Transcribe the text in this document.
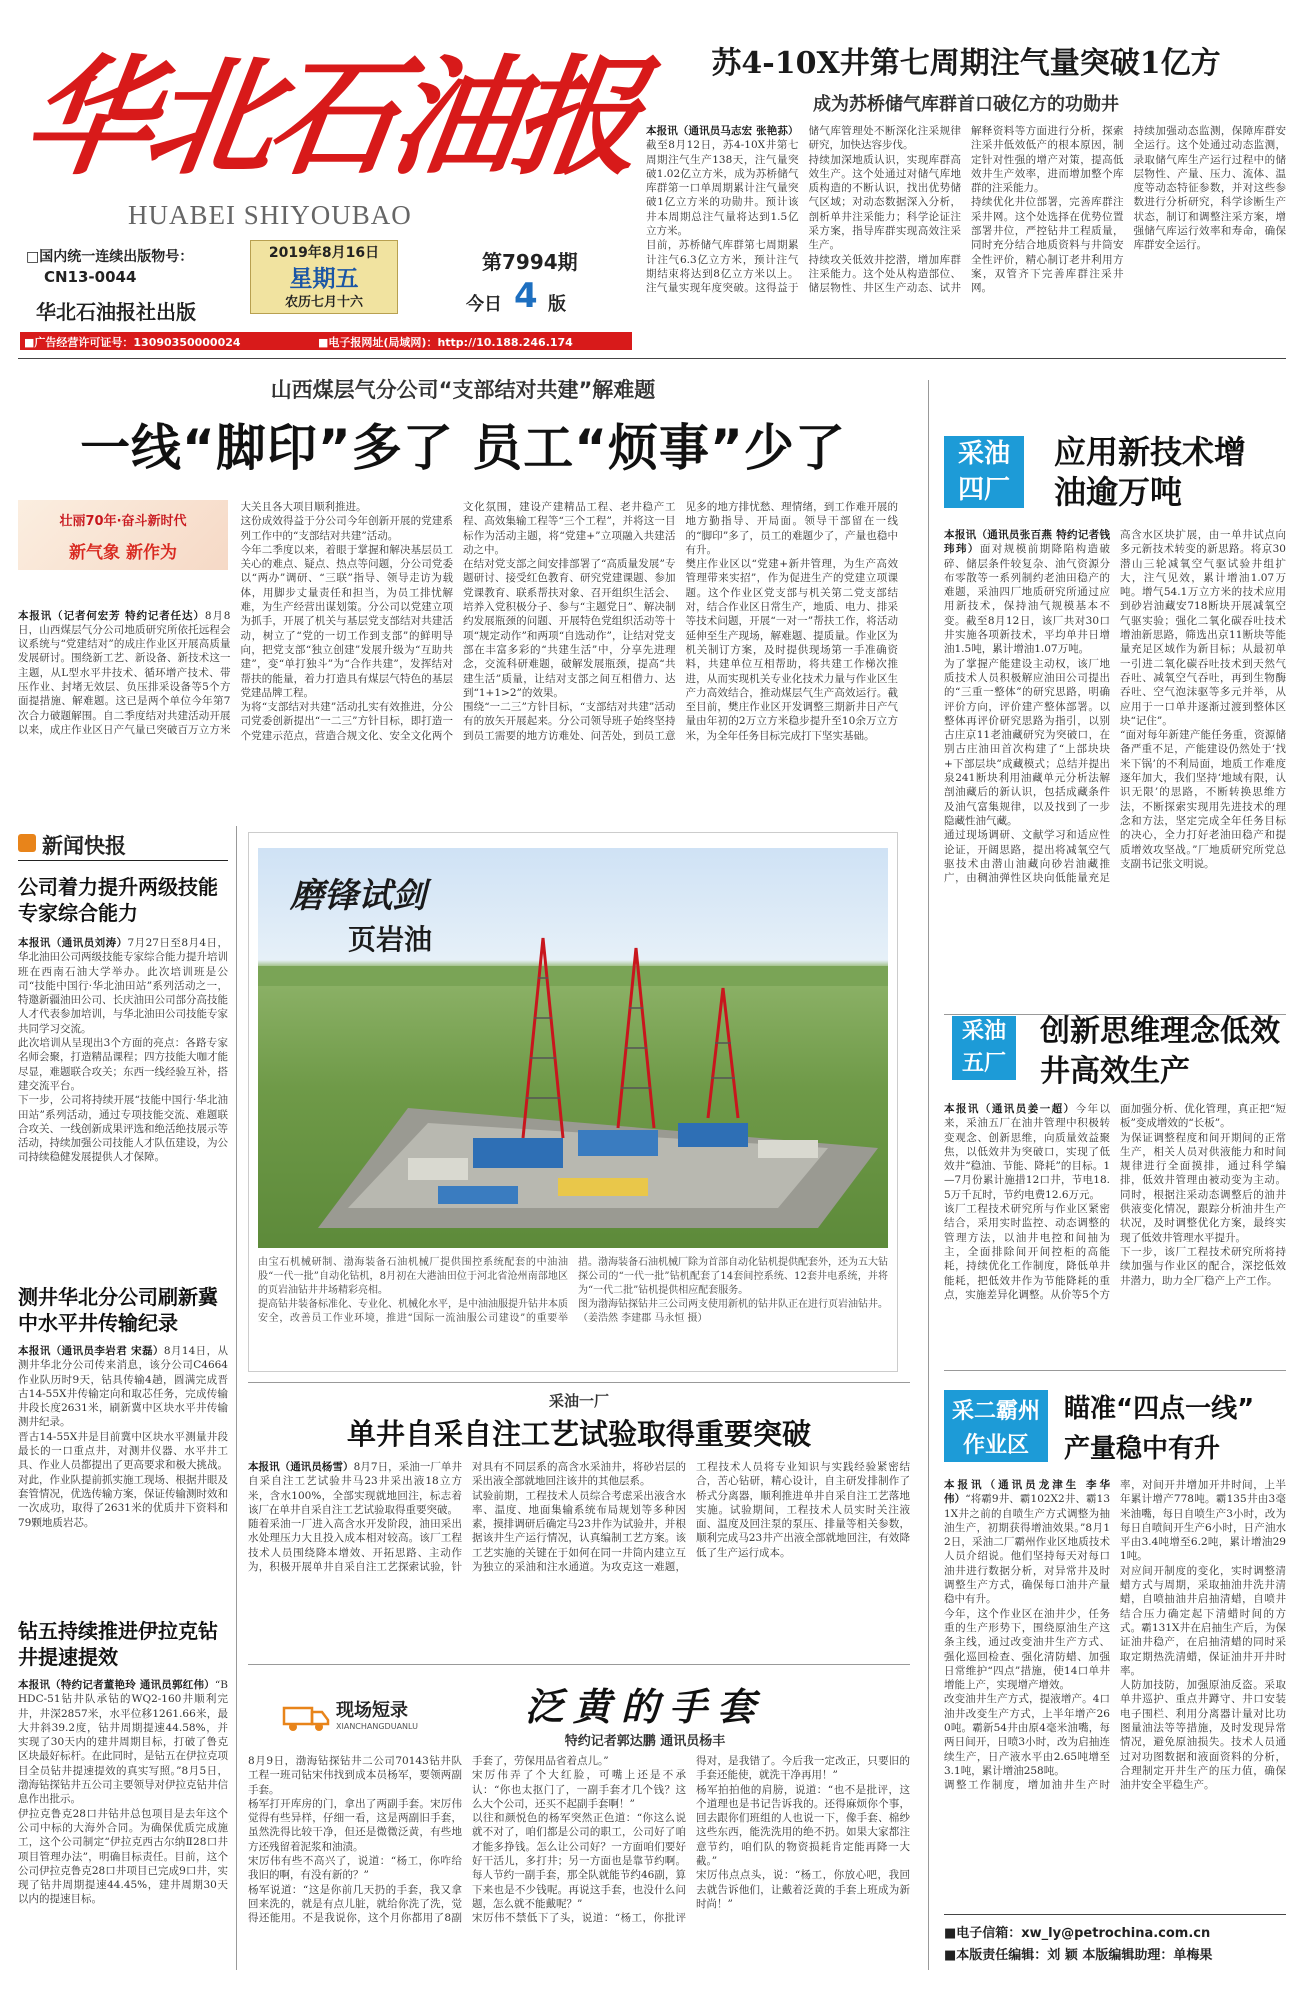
华北石油报
HUABEI SHIYOUBAO
□国内统一连续出版物号：
CN13-0044
华北石油报社出版
2019年8月16日
星期五
农历七月十六
第7994期
今日 4 版
■广告经营许可证号：13090350000024	■电子报网址(局域网)：http://10.188.246.174
苏4-10X井第七周期注气量突破1亿方
成为苏桥储气库群首口破亿方的功勋井
本报讯（通讯员马志宏 张艳荪）截至8月12日，苏4-10X井第七周期注气生产138天，注气量突破1.02亿立方米，成为苏桥储气库群第一口单周期累计注气量突破1亿立方米的功勋井。预计该井本周期总注气量将达到1.5亿立方米。
目前，苏桥储气库群第七周期累计注气6.3亿立方米，预计注气期结束将达到8亿立方米以上。注气量实现年度突破。这得益于储气库管理处不断深化注采规律研究，加快达容步伐。
持续加深地质认识，实现库群高效生产。这个处通过对储气库地质构造的不断认识，找出优势储气区域；对动态数据深入分析，剖析单井注采能力；科学论证注采方案，指导库群实现高效注采生产。
持续攻关低效井挖潜，增加库群注采能力。这个处从构造部位、储层物性、井区生产动态、试井解释资料等方面进行分析，探索注采井低效低产的根本原因，制定针对性强的增产对策，提高低效井生产效率，进而增加整个库群的注采能力。
持续优化井位部署，完善库群注采井网。这个处选择在优势位置部署井位，严控钻井工程质量，同时充分结合地质资料与井筒安全性评价，精心制订老井利用方案，双管齐下完善库群注采井网。
持续加强动态监测，保障库群安全运行。这个处通过动态监测，录取储气库生产运行过程中的储层物性、产量、压力、流体、温度等动态特征参数，并对这些参数进行分析研究，科学诊断生产状态，制订和调整注采方案，增强储气库运行效率和寿命，确保库群安全运行。
山西煤层气分公司“支部结对共建”解难题
一线“脚印”多了 员工“烦事”少了
壮丽70年·奋斗新时代
新气象 新作为

本报讯（记者何宏芳 特约记者任达）8月8日，山西煤层气分公司地质研究所依托远程会议系统与“党建结对”的成庄作业区开展高质量发展研讨。围绕新工艺、新设备、新技术这一主题，从L型水平井技术、循环增产技术、带压作业、封堵无效层、负压排采设备等5个方面提措施、解难题。这已是两个单位今年第7次合力破题解围。自二季度结对共建活动开展以来，成庄作业区日产气量已突破百万立方米大关且各大项目顺利推进。
这份成效得益于分公司今年创新开展的党建系列工作中的“支部结对共建”活动。
今年二季度以来，着眼于掌握和解决基层员工关心的难点、疑点、热点等问题，分公司党委以“两办”调研、“三联”指导、领导走访为载体，用脚步丈量责任和担当，为员工排忧解难，为生产经营出谋划策。分公司以党建立项为抓手，开展了机关与基层党支部结对共建活动，树立了“党的一切工作到支部”的鲜明导向，把党支部“独立创建”发展升级为“互助共建”，变“单打独斗”为“合作共建”，发挥结对帮扶的能量，着力打造具有煤层气特色的基层党建品牌工程。
为将“支部结对共建”活动扎实有效推进，分公司党委创新提出“一二三”方针目标，即打造一个党建示范点，营造合规文化、安全文化两个文化氛围，建设产建精品工程、老井稳产工程、高效集输工程等“三个工程”，并将这一目标作为活动主题，将“党建+”立项融入共建活动之中。
在结对党支部之间安排部署了“高质量发展”专题研讨、接受红色教育、研究党建课题、参加党课教育、联系帮扶对象、召开组织生活会、培养入党积极分子、参与“主题党日”、解决制约发展瓶颈的问题、开展特色党组织活动等十项“规定动作”和两项“自选动作”，让结对党支部在丰富多彩的“共建生活”中，分享先进理念，交流科研难题，破解发展瓶颈，提高“共建生活”质量，让结对支部之间互相借力、达到“1+1>2”的效果。
围绕“一二三”方针目标，“支部结对共建”活动有的放矢开展起来。分公司领导班子始终坚持到员工需要的地方访难处、问苦处，到员工意见多的地方排忧愁、理情绪，到工作难开展的地方勤指导、开局面。领导干部留在一线的“脚印”多了，员工的难题少了，产量也稳中有升。
樊庄作业区以“党建+新井管理，为生产高效管理带来实招”，作为促进生产的党建立项课题。这个作业区党支部与机关第二党支部结对，结合作业区日常生产，地质、电力、排采等技术问题，开展“一对一”帮扶工作，将活动延伸至生产现场，解难题、提质量。作业区为机关制订方案，及时提供现场第一手准确资料，共建单位互相帮助，将共建工作梯次推进，从而实现机关专业化技术力量与作业区生产力高效结合，推动煤层气生产高效运行。截至目前，樊庄作业区开发调整三期新井日产气量由年初的2万立方米稳步提升至10余万立方米，为全年任务目标完成打下坚实基础。

新闻快报
公司着力提升两级技能专家综合能力
本报讯（通讯员刘涛）7月27日至8月4日，华北油田公司两级技能专家综合能力提升培训班在西南石油大学举办。此次培训班是公司“技能中国行·华北油田站”系列活动之一，特邀新疆油田公司、长庆油田公司部分高技能人才代表参加培训，与华北油田公司技能专家共同学习交流。
此次培训从呈现出3个方面的亮点：各路专家名师会聚，打造精品课程；四方技能大咖才能尽显，难题联合攻关；东西一线经验互补，搭建交流平台。
下一步，公司将持续开展“技能中国行·华北油田站”系列活动，通过专项技能交流、难题联合攻关、一线创新成果评选和绝活绝技展示等活动，持续加强公司技能人才队伍建设，为公司持续稳健发展提供人才保障。
测井华北分公司刷新冀中水平井传输纪录
本报讯（通讯员李岩君 宋磊）8月14日，从测井华北分公司传来消息，该分公司C4664作业队历时9天，钻具传输4趟，圆满完成晋古14-55X井传输定向和取芯任务，完成传输井段长度2631米，刷新冀中区块水平井传输测井纪录。
晋古14-55X井是目前冀中区块水平测量井段最长的一口重点井，对测井仪器、水平井工具、作业人员都提出了更高要求和极大挑战。对此，作业队提前抓实施工现场、根据井眼及套管情况，优选传输方案，保证传输测时效和一次成功，取得了2631米的优质井下资料和79颗地质岩芯。
钻五持续推进伊拉克钻井提速提效
本报讯（特约记者董艳玲 通讯员郭红伟）“BHDC-51钻井队承钻的WQ2-160井顺利完井，井深2857米，水平位移1261.66米，最大井斜39.2度，钻井周期提速44.58%，并实现了30天内的建井周期目标，打破了鲁克区块最好标杆。在此同时，是钻五在伊拉克项目全员钻井提速提效的真实写照。”8月5日，渤海钻探钻井五公司主要领导对伊拉克钻井信息作出批示。
伊拉克鲁克28口井钻井总包项目是去年这个公司中标的大海外合同。为确保优质完成施工，这个公司制定“伊拉克西古尔纳Ⅱ28口井项目管理办法”，明确目标责任。目前，这个公司伊拉克鲁克28口井项目已完成9口井，实现了钻井周期提速44.45%，建井周期30天以内的提速目标。
磨锋试剑
页岩油
由宝石机械研制、渤海装备石油机械厂提供围控系统配套的中油油股“一代一批”自动化钻机，8月初在大港油田位于河北省沧州南部地区的页岩油钻井井场精彩亮相。
提高钻井装备标准化、专业化、机械化水平，是中油油服提升钻井本质安全，改善员工作业环境，推进“国际一流油服公司建设”的重要举措。渤海装备石油机械厂除为首部自动化钻机提供配套外，还为五大钻探公司的“一代一批”钻机配套了14套间控系统、12套井电系统，并将为“一代二批”钻机提供相应配套服务。
图为渤海钻探钻井三公司两支使用新机的钻井队正在进行页岩油钻井。（姜浩然 李建郡 马永恒 摄）
采油一厂
单井自采自注工艺试验取得重要突破
本报讯（通讯员杨雪）8月7日，采油一厂单井自采自注工艺试验井马23井采出液18立方米，含水100%，全部实现就地回注，标志着该厂在单井自采自注工艺试验取得重要突破。
随着采油一厂进入高含水开发阶段，油田采出水处理压力大且投入成本相对较高。该厂工程技术人员围绕降本增效、开拓思路、主动作为，积极开展单井自采自注工艺探索试验，针对具有不同层系的高含水采油井，将砂岩层的采出液全部就地回注该井的其他层系。
试验前期，工程技术人员综合考虑采出液含水率、温度、地面集输系统布局规划等多种因素，摸排调研后确定马23井作为试验井，并根据该井生产运行情况，认真编制工艺方案。该工艺实施的关键在于如何在同一井筒内建立互为独立的采油和注水通道。为攻克这一难题，工程技术人员将专业知识与实践经验紧密结合，苦心钻研，精心设计，自主研发排制作了桥式分离器，顺利推进单井自采自注工艺落地实施。试验期间，工程技术人员实时关注液面、温度及回注泵的泵压、排量等相关参数，顺利完成马23井产出液全部就地回注，有效降低了生产运行成本。
现场短录
XIANCHANGDUANLU	泛黄的手套
特约记者郭达鹏 通讯员杨丰
8月9日，渤海钻探钻井二公司70143钻井队工程一班司钻宋伟找到成本员杨军，要领两副手套。
杨军打开库房的门，拿出了两副手套。宋厉伟觉得有些异样，仔细一看，这是两副旧手套，虽然洗得比较干净，但还是微微泛黄，有些地方还残留着泥浆和油渍。
宋厉伟有些不高兴了，说道：“杨工，你咋给我旧的啊，有没有新的？”
杨军说道：“这是你前几天扔的手套，我又拿回来洗的，就是有点儿脏，就给你洗了洗，觉得还能用。不是我说你，这个月你都用了8副手套了，劳保用品省着点儿。”
宋厉伟弄了个大红脸，可嘴上还是不承认：“你也太抠门了，一副手套才几个钱？这么大个公司，还买不起副手套啊！”
以往和颜悦色的杨军突然正色道：“你这么说就不对了，咱们都是公司的职工，公司好了咱才能多挣钱。怎么让公司好？一方面咱们要好好干活儿，多打井；另一方面也是靠节约啊。每人节约一副手套，那全队就能节约46副，算下来也是不少钱呢。再说这手套，也没什么问题，怎么就不能戴呢？”
宋厉伟不禁低下了头，说道：“杨工，你批评得对，是我错了。今后我一定改正，只要旧的手套还能使，就洗干净再用！”
杨军拍拍他的肩膀，说道：“也不是批评，这个道理也是书记告诉我的。还得麻烦你个事，回去跟你们班组的人也说一下，像手套、棉纱这些东西，能洗洗用的绝不扔。如果大家都注意节约，咱们队的物资损耗肯定能再降一大截。”
宋厉伟点点头，说：“杨工，你放心吧，我回去就告诉他们，让戴着泛黄的手套上班成为新时尚！”
采油四厂
应用新技术增油逾万吨
本报讯（通讯员张百燕 特约记者钱玮玮）面对规模前期降陷构造破碎、储层条件较复杂、油气资源分布零散等一系列制约老油田稳产的难题，采油四厂地质研究所通过应用新技术，保持油气规模基本不变。截至8月12日，该厂共对30口井实施各项新技术，平均单井日增油1.5吨，累计增油1.07万吨。
为了掌握产能建设主动权，该厂地质技术人员积极解应油田公司提出的“三重一整体”的研究思路，明确评价方向，评价建产整体部署。以整体再评价研究思路为指引，以别古庄京11老油藏研究为突破口，在别古庄油田首次构建了“上部块块+下部层块”成藏模式；总结并提出泉241断块利用油藏单元分析法解剖油藏后的新认识，包括成藏条件及油气富集规律，以及找到了一步隐藏性油气藏。
通过现场调研、文献学习和适应性论证，开阔思路，提出将减氧空气驱技术由潜山油藏向砂岩油藏推广，由稠油弹性区块向低能量充足高含水区块扩展，由一单井试点向多元新技术转变的新思路。将京30潜山三轮减氧空气驱试验井组扩大，注气见效，累计增油1.07万吨。增气54.1万立方米的技术应用到砂岩油藏安718断块开展减氧空气驱实验；强化二氧化碳吞吐技术增油新思路，筛选出京11断块等能量充足区域作为新目标；从最初单一引进二氧化碳吞吐技术到天然气吞吐、减氧空气吞吐，再到生物酶吞吐、空气泡沫驱等多元并举，从应用于一口单井逐渐过渡到整体区块“记住”。
“面对每年新建产能任务重，资源储备严重不足，产能建设仍然处于‘找米下锅’的不利局面，地质工作难度逐年加大，我们坚持‘地域有限，认识无限’的思路，不断转换思维方法，不断探索实现用先进技术的理念和方法，坚定完成全年任务目标的决心，全力打好老油田稳产和提质增效攻坚战。”厂地质研究所党总支副书记张文明说。
采油五厂
创新思维理念低效井高效生产
本报讯（通讯员姜一超）今年以来，采油五厂在油井管理中积极转变观念、创新思维，向质量效益聚焦，以低效井为突破口，实现了低效井“稳油、节能、降耗”的目标。1—7月份累计施措12口井，节电18.5万千瓦时，节约电费12.6万元。
该厂工程技术研究所与作业区紧密结合，采用实时监控、动态调整的管理方法，以油井电控和间抽为主，全面排除间开间控柜的高能耗，持续优化工作制度，降低单井能耗，把低效井作为节能降耗的重点，实施差异化调整。从价等5个方面加强分析、优化管理，真正把“短板”变成增效的“长板”。
为保证调整程度和间开期间的正常生产，相关人员对供液能力和时间规律进行全面摸排，通过科学编排，低效井管理由被动变为主动。同时，根据注采动态调整后的油井供液变化情况，跟踪分析油井生产状况，及时调整优化方案，最终实现了低效井管理水平提升。
下一步，该厂工程技术研究所将持续加强与作业区的配合，深挖低效井潜力，助力全厂稳产上产工作。
采二霸州
作业区
瞄准“四点一线”
产量稳中有升
本报讯（通讯员龙津生 李华伟）“将霸9井、霸102X2井、霸131X井之前的自喷生产方式调整为抽油生产，初期获得增油效果。”8月12日，采油二厂霸州作业区地质技术人员介绍说。他们坚持每天对每口油井进行数据分析，对异常井及时调整生产方式，确保每口油井产量稳中有升。
今年，这个作业区在油井少，任务重的生产形势下，围绕原油生产这条主线，通过改变油井生产方式、强化巡回检查、强化清防蜡、加强日常维护“四点”措施，使14口单井增能上产，实现增产增效。
改变油井生产方式，提液增产。4口油井改变生产方式，上半年增产260吨。霸新54井由原4毫米油嘴，每两日间开，日喷3小时，改为启抽连续生产，日产液水平由2.65吨增至3.1吨，累计增油258吨。
调整工作制度，增加油井生产时率，对间开井增加开井时间，上半年累计增产778吨。霸135井由3毫米油嘴，每日自喷生产3小时，改为每日自喷间开生产6小时，日产油水平由3.4吨增至6.2吨，累计增油291吨。
对应间开制度的变化，实时调整清蜡方式与周期，采取抽油井洗井清蜡，自喷抽油井启抽清蜡，自喷井结合压力确定起下清蜡时间的方式。霸131X井在启抽生产后，为保证油井稳产，在启抽清蜡的同时采取定期热洗清蜡，保证油井开井时率。
人防加技防，加强原油反盗。采取单井巡护、重点井蹲守、井口安装电子围栏、利用分离器计量对比功图量油法等等措施，及时发现异常情况，避免原油损失。技术人员通过对功图数据和液面资料的分析，合理制定开井生产的压力值，确保油井安全平稳生产。
■电子信箱：xw_ly@petrochina.com.cn
■本版责任编辑：刘 颖 本版编辑助理：单梅果
